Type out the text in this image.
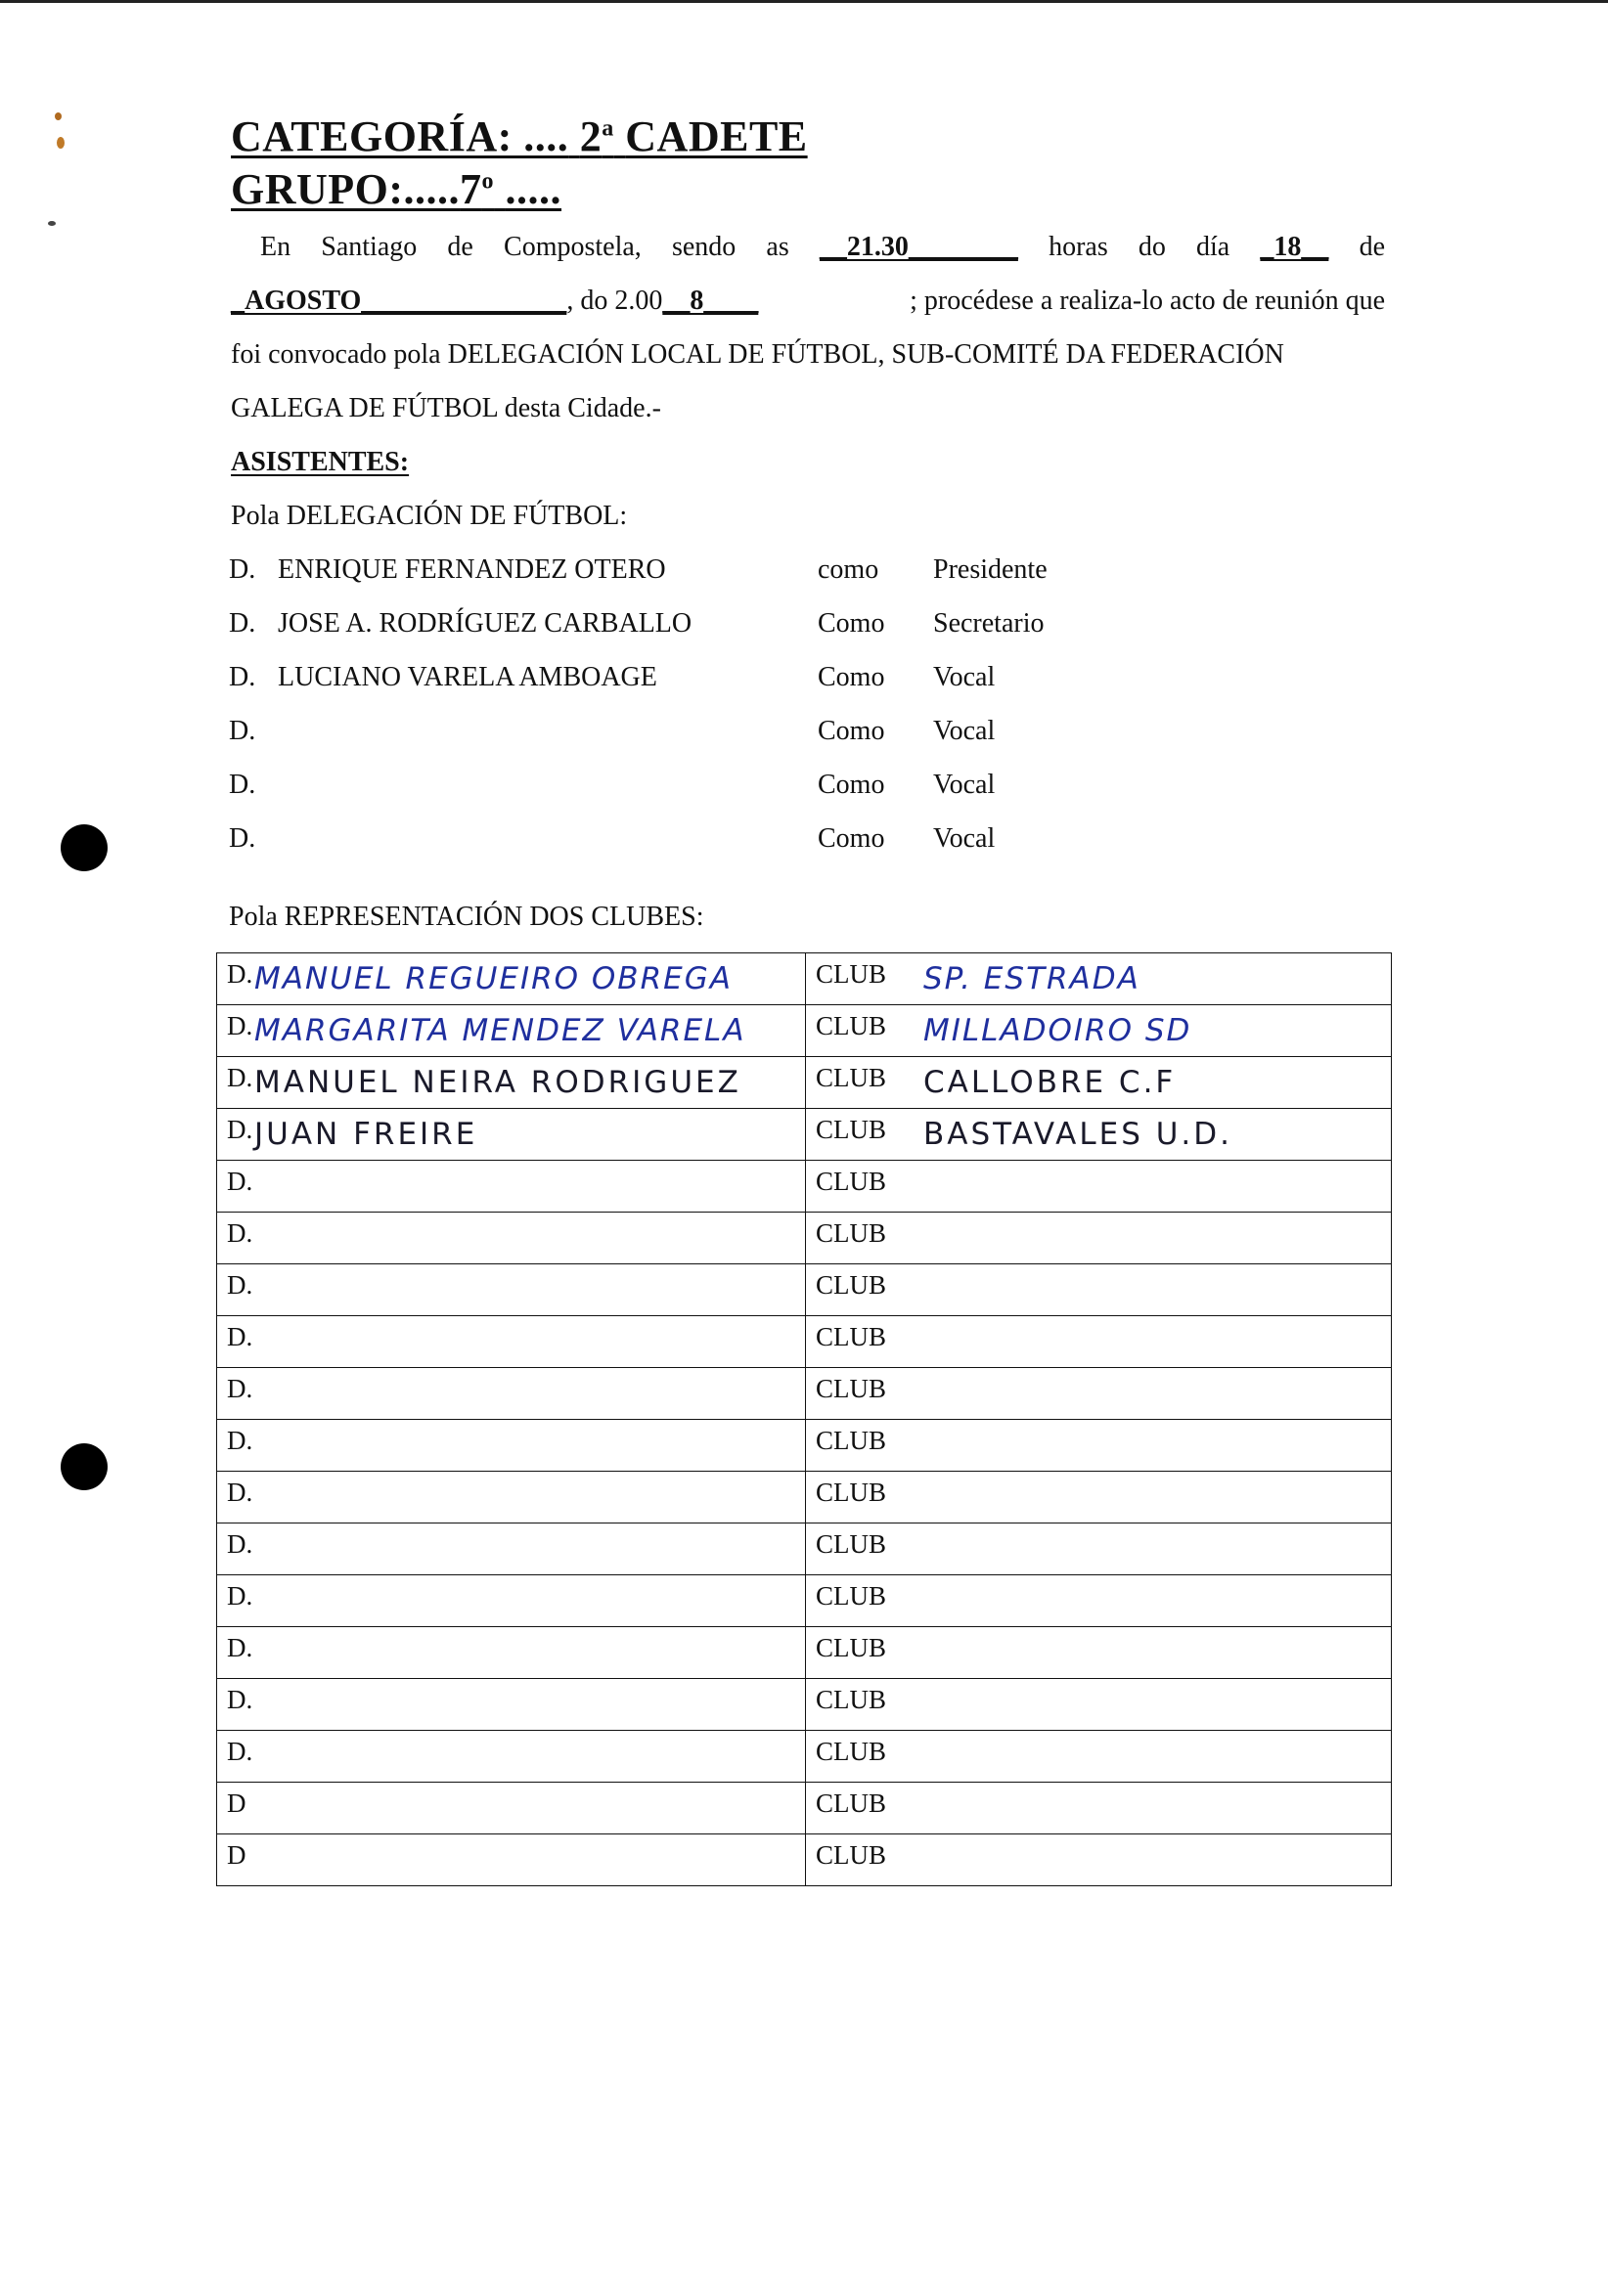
CATEGORÍA: .... 2$^a$ CADETE
GRUPO:.....7$^o$ .....
En Santiago de Compostela, sendo as __21.30________ horas do día _18__ de
_AGOSTO_______________, do 2.00__8____	; procédese a realiza-lo acto de reunión que
foi convocado pola DELEGACIÓN LOCAL DE FÚTBOL, SUB-COMITÉ DA FEDERACIÓN
GALEGA DE FÚTBOL desta Cidade.-
ASISTENTES:
Pola DELEGACIÓN DE FÚTBOL:
D. ENRIQUE FERNANDEZ OTERO	como Presidente
D. JOSE A. RODRÍGUEZ CARBALLO	Como Secretario
D. LUCIANO VARELA AMBOAGE	Como Vocal
D.	Como Vocal
D.	Como Vocal
D.	Como Vocal
Pola REPRESENTACIÓN DOS CLUBES:
D. MANUEL REGUEIRO OBREGA	CLUB SP. ESTRADA

D. MARGARITA MENDEZ VARELA	CLUB MILLADOIRO SD

D. MANUEL NEIRA RODRIGUEZ	CLUB CALLOBRE C.F

D. JUAN FREIRE	CLUB BASTAVALES U.D.

D.	CLUB

D.	CLUB

D.	CLUB

D.	CLUB

D.	CLUB

D.	CLUB

D.	CLUB

D.	CLUB

D.	CLUB

D.	CLUB

D.	CLUB

D.	CLUB

D	CLUB

D	CLUB
